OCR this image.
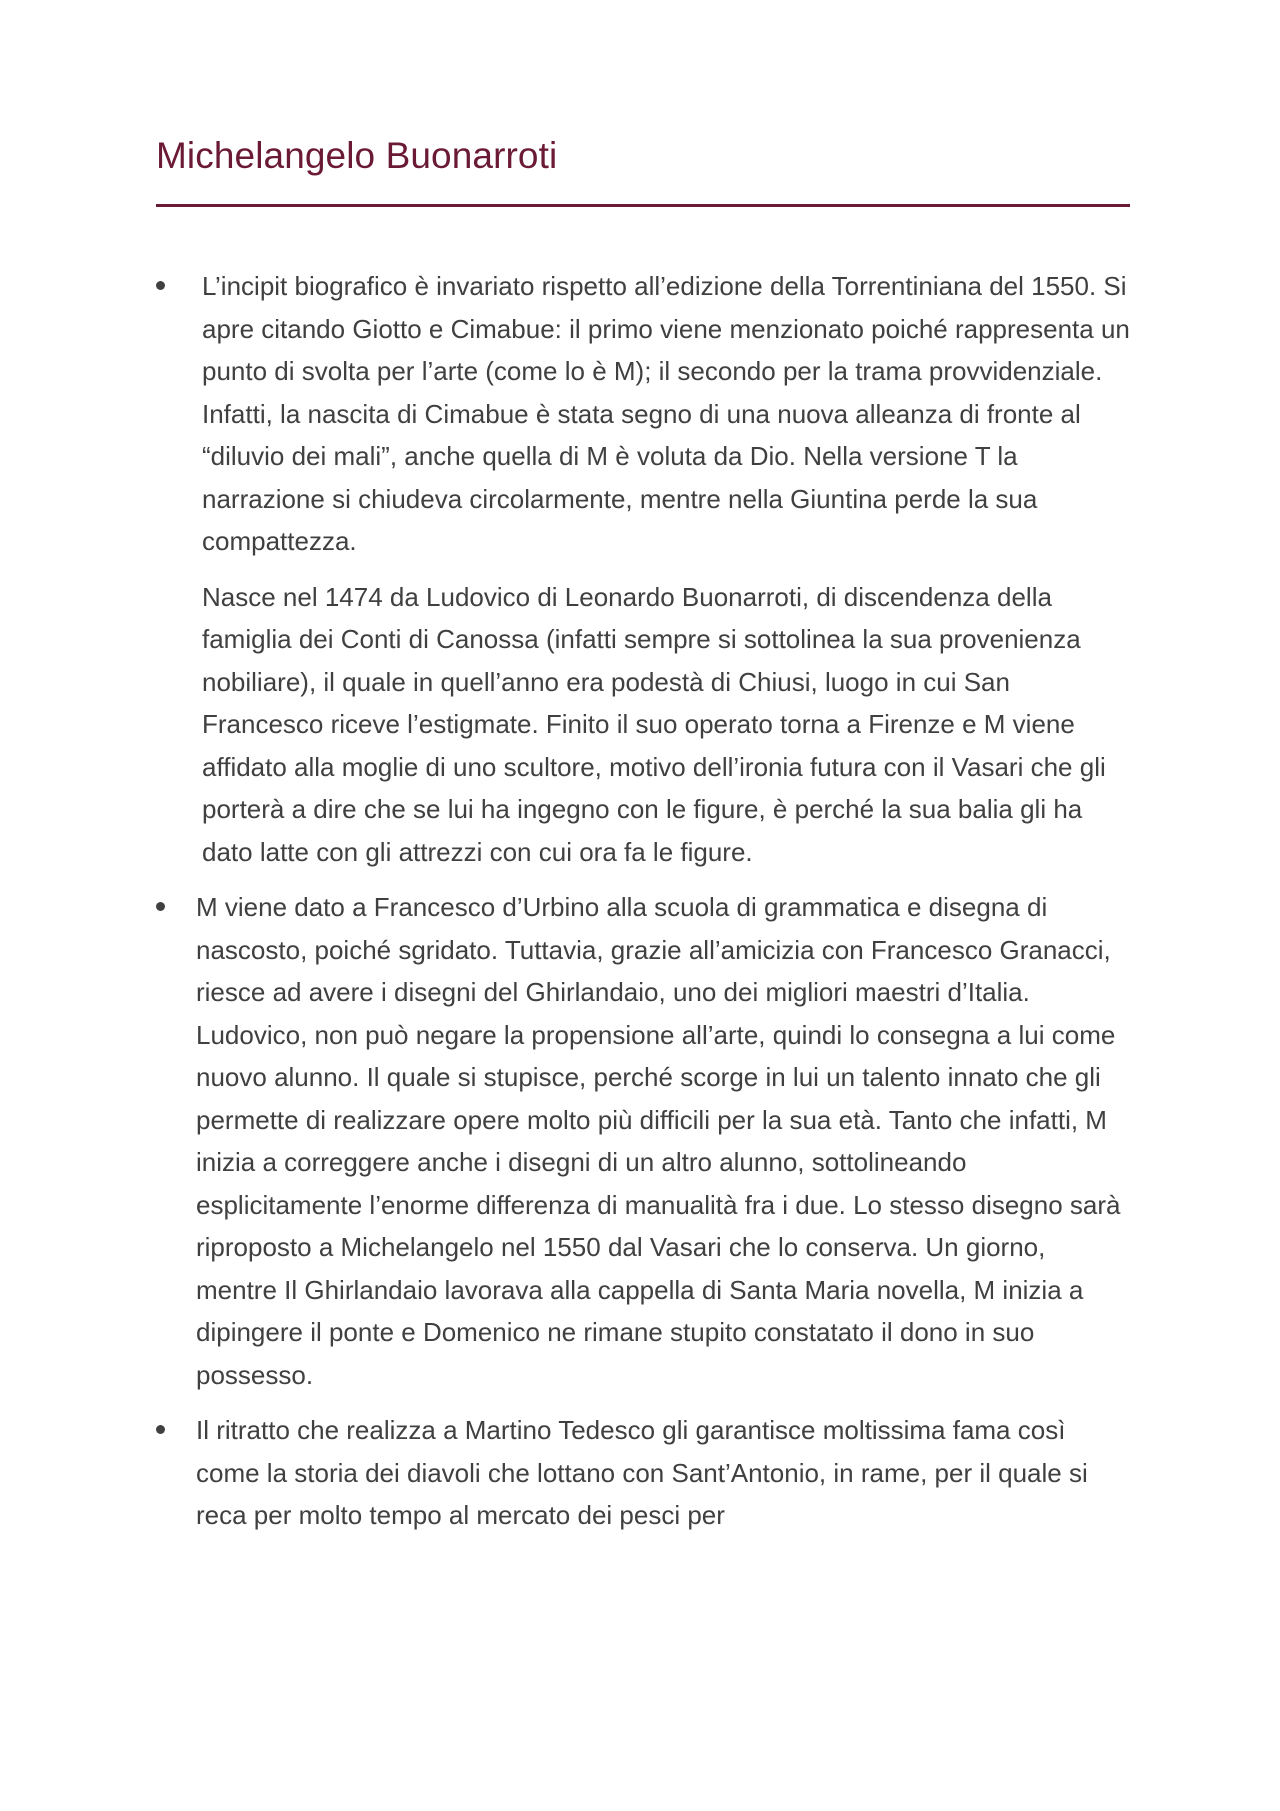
Michelangelo Buonarroti

L’incipit biografico è invariato rispetto all’edizione della Torrentiniana del 1550. Si apre citando Giotto e Cimabue: il primo viene menzionato poiché rappresenta un punto di svolta per l’arte (come lo è M); il secondo per la trama provvidenziale. Infatti, la nascita di Cimabue è stata segno di una nuova alleanza di fronte al “diluvio dei mali”, anche quella di M è voluta da Dio. Nella versione T la narrazione si chiudeva circolarmente, mentre nella Giuntina perde la sua compattezza.

Nasce nel 1474 da Ludovico di Leonardo Buonarroti, di discendenza della famiglia dei Conti di Canossa (infatti sempre si sottolinea la sua provenienza nobiliare), il quale in quell’anno era podestà di Chiusi, luogo in cui San Francesco riceve l’estigmate. Finito il suo operato torna a Firenze e M viene affidato alla moglie di uno scultore, motivo dell’ironia futura con il Vasari che gli porterà a dire che se lui ha ingegno con le figure, è perché la sua balia gli ha dato latte con gli attrezzi con cui ora fa le figure.

M viene dato a Francesco d’Urbino alla scuola di grammatica e disegna di nascosto, poiché sgridato. Tuttavia, grazie all’amicizia con Francesco Granacci, riesce ad avere i disegni del Ghirlandaio, uno dei migliori maestri d’Italia. Ludovico, non può negare la propensione all’arte, quindi lo consegna a lui come nuovo alunno. Il quale si stupisce, perché scorge in lui un talento innato che gli permette di realizzare opere molto più difficili per la sua età. Tanto che infatti, M inizia a correggere anche i disegni di un altro alunno, sottolineando esplicitamente l’enorme differenza di manualità fra i due. Lo stesso disegno sarà riproposto a Michelangelo nel 1550 dal Vasari che lo conserva. Un giorno, mentre Il Ghirlandaio lavorava alla cappella di Santa Maria novella, M inizia a dipingere il ponte e Domenico ne rimane stupito constatato il dono in suo possesso.

Il ritratto che realizza a Martino Tedesco gli garantisce moltissima fama così come la storia dei diavoli che lottano con Sant’Antonio, in rame, per il quale si reca per molto tempo al mercato dei pesci per
